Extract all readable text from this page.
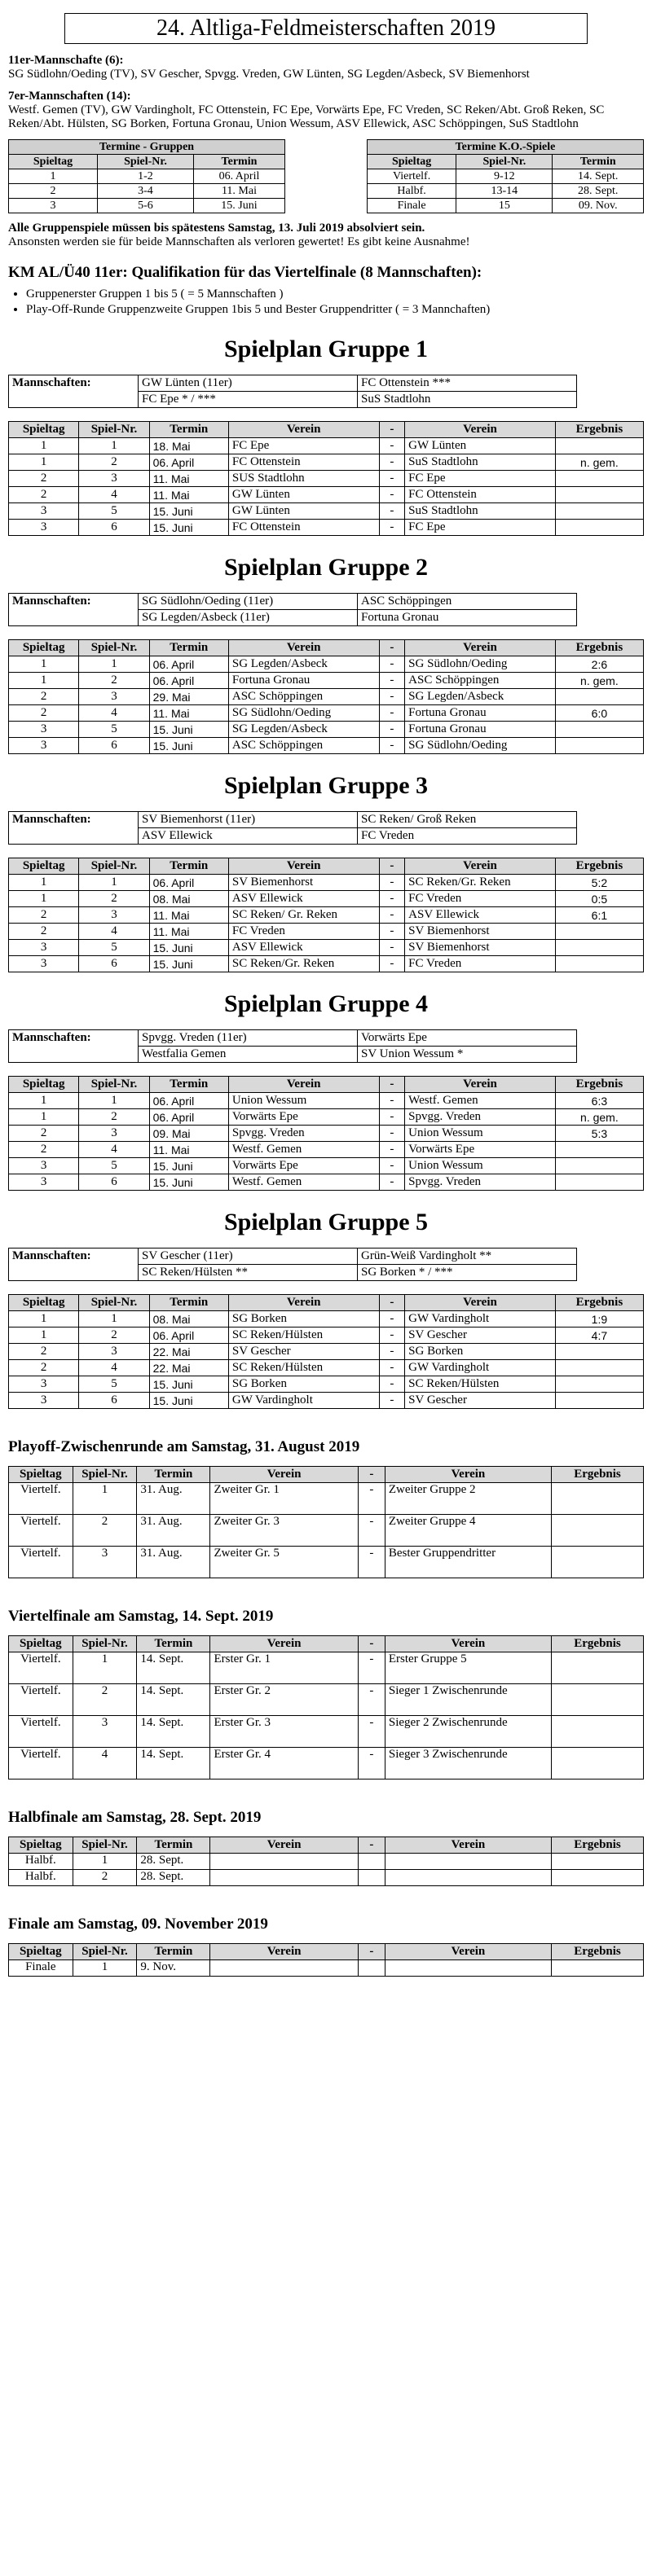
24. Altliga-Feldmeisterschaften 2019
11er-Mannschafte (6):
SG Südlohn/Oeding (TV), SV Gescher, Spvgg. Vreden, GW Lünten, SG Legden/Asbeck, SV Biemenhorst
7er-Mannschaften (14):
Westf. Gemen (TV), GW Vardingholt, FC Ottenstein, FC Epe, Vorwärts Epe, FC Vreden, SC Reken/Abt. Groß Reken, SC Reken/Abt. Hülsten, SG Borken, Fortuna Gronau, Union Wessum, ASV Ellewick, ASC Schöppingen, SuS Stadtlohn
Termine - Gruppen		
Spieltag	Spiel-Nr.	Termin
1	1-2	06. April
2	3-4	11. Mai
3	5-6	15. Juni
Termine K.O.-Spiele		
Spieltag	Spiel-Nr.	Termin
Viertelf.	9-12	14. Sept.
Halbf.	13-14	28. Sept.
Finale	15	09. Nov.
Alle Gruppenspiele müssen bis spätestens Samstag, 13. Juli 2019 absolviert sein.
Ansonsten werden sie für beide Mannschaften als verloren gewertet! Es gibt keine Ausnahme!
KM AL/Ü40 11er: Qualifikation für das Viertelfinale (8 Mannschaften):
• Gruppenerster Gruppen 1 bis 5 ( = 5 Mannschaften )
• Play-Off-Runde Gruppenzweite Gruppen 1bis 5 und Bester Gruppendritter ( = 3 Mannchaften)
Spielplan Gruppe 1
Mannschaften:	GW Lünten (11er)	FC Ottenstein ***
	FC Epe * / ***	SuS Stadtlohn
Spieltag	Spiel-Nr.	Termin	Verein	-	Verein	Ergebnis
1	1	18. Mai	FC Epe	-	GW Lünten	
1	2	06. April	FC Ottenstein	-	SuS Stadtlohn	n. gem.
2	3	11. Mai	SUS Stadtlohn	-	FC Epe	
2	4	11. Mai	GW Lünten	-	FC Ottenstein	
3	5	15. Juni	GW Lünten	-	SuS Stadtlohn	
3	6	15. Juni	FC Ottenstein	-	FC Epe	
Spielplan Gruppe 2
Mannschaften:	SG Südlohn/Oeding (11er)	ASC Schöppingen
	SG Legden/Asbeck (11er)	Fortuna Gronau
Spieltag	Spiel-Nr.	Termin	Verein	-	Verein	Ergebnis
1	1	06. April	SG Legden/Asbeck	-	SG Südlohn/Oeding	2:6
1	2	06. April	Fortuna Gronau	-	ASC Schöppingen	n. gem.
2	3	29. Mai	ASC Schöppingen	-	SG Legden/Asbeck	
2	4	11. Mai	SG Südlohn/Oeding	-	Fortuna Gronau	6:0
3	5	15. Juni	SG Legden/Asbeck	-	Fortuna Gronau	
3	6	15. Juni	ASC Schöppingen	-	SG Südlohn/Oeding	
Spielplan Gruppe 3
Mannschaften:	SV Biemenhorst (11er)	SC Reken/ Groß Reken
	ASV Ellewick	FC Vreden
Spieltag	Spiel-Nr.	Termin	Verein	-	Verein	Ergebnis
1	1	06. April	SV Biemenhorst	-	SC Reken/Gr. Reken	5:2
1	2	08. Mai	ASV Ellewick	-	FC Vreden	0:5
2	3	11. Mai	SC Reken/ Gr. Reken	-	ASV Ellewick	6:1
2	4	11. Mai	FC Vreden	-	SV Biemenhorst	
3	5	15. Juni	ASV Ellewick	-	SV Biemenhorst	
3	6	15. Juni	SC Reken/Gr. Reken	-	FC Vreden	
Spielplan Gruppe 4
Mannschaften:	Spvgg. Vreden (11er)	Vorwärts Epe
	Westfalia Gemen	SV Union Wessum *
Spieltag	Spiel-Nr.	Termin	Verein	-	Verein	Ergebnis
1	1	06. April	Union Wessum	-	Westf. Gemen	6:3
1	2	06. April	Vorwärts Epe	-	Spvgg. Vreden	n. gem.
2	3	09. Mai	Spvgg. Vreden	-	Union Wessum	5:3
2	4	11. Mai	Westf. Gemen	-	Vorwärts Epe	
3	5	15. Juni	Vorwärts Epe	-	Union Wessum	
3	6	15. Juni	Westf. Gemen	-	Spvgg. Vreden	
Spielplan Gruppe 5
Mannschaften:	SV Gescher (11er)	Grün-Weiß Vardingholt **
	SC Reken/Hülsten **	SG Borken * / ***
Spieltag	Spiel-Nr.	Termin	Verein	-	Verein	Ergebnis
1	1	08. Mai	SG Borken	-	GW Vardingholt	1:9
1	2	06. April	SC Reken/Hülsten	-	SV Gescher	4:7
2	3	22. Mai	SV Gescher	-	SG Borken	
2	4	22. Mai	SC Reken/Hülsten	-	GW Vardingholt	
3	5	15. Juni	SG Borken	-	SC Reken/Hülsten	
3	6	15. Juni	GW Vardingholt	-	SV Gescher	
Playoff-Zwischenrunde am Samstag, 31. August 2019
Spieltag	Spiel-Nr.	Termin	Verein	-	Verein	Ergebnis
Viertelf.	1	31. Aug.	Zweiter Gr. 1	-	Zweiter Gruppe 2	
Viertelf.	2	31. Aug.	Zweiter Gr. 3	-	Zweiter Gruppe 4	
Viertelf.	3	31. Aug.	Zweiter Gr. 5	-	Bester Gruppendritter	
Viertelfinale am Samstag, 14. Sept. 2019
Spieltag	Spiel-Nr.	Termin	Verein	-	Verein	Ergebnis
Viertelf.	1	14. Sept.	Erster Gr. 1	-	Erster Gruppe 5	
Viertelf.	2	14. Sept.	Erster Gr. 2	-	Sieger 1 Zwischenrunde	
Viertelf.	3	14. Sept.	Erster Gr. 3	-	Sieger 2 Zwischenrunde	
Viertelf.	4	14. Sept.	Erster Gr. 4	-	Sieger 3 Zwischenrunde	
Halbfinale am Samstag, 28. Sept. 2019
Spieltag	Spiel-Nr.	Termin	Verein	-	Verein	Ergebnis
Halbf.	1	28. Sept.				
Halbf.	2	28. Sept.				
Finale am Samstag, 09. November 2019
Spieltag	Spiel-Nr.	Termin	Verein	-	Verein	Ergebnis
Finale	1	9. Nov.				
